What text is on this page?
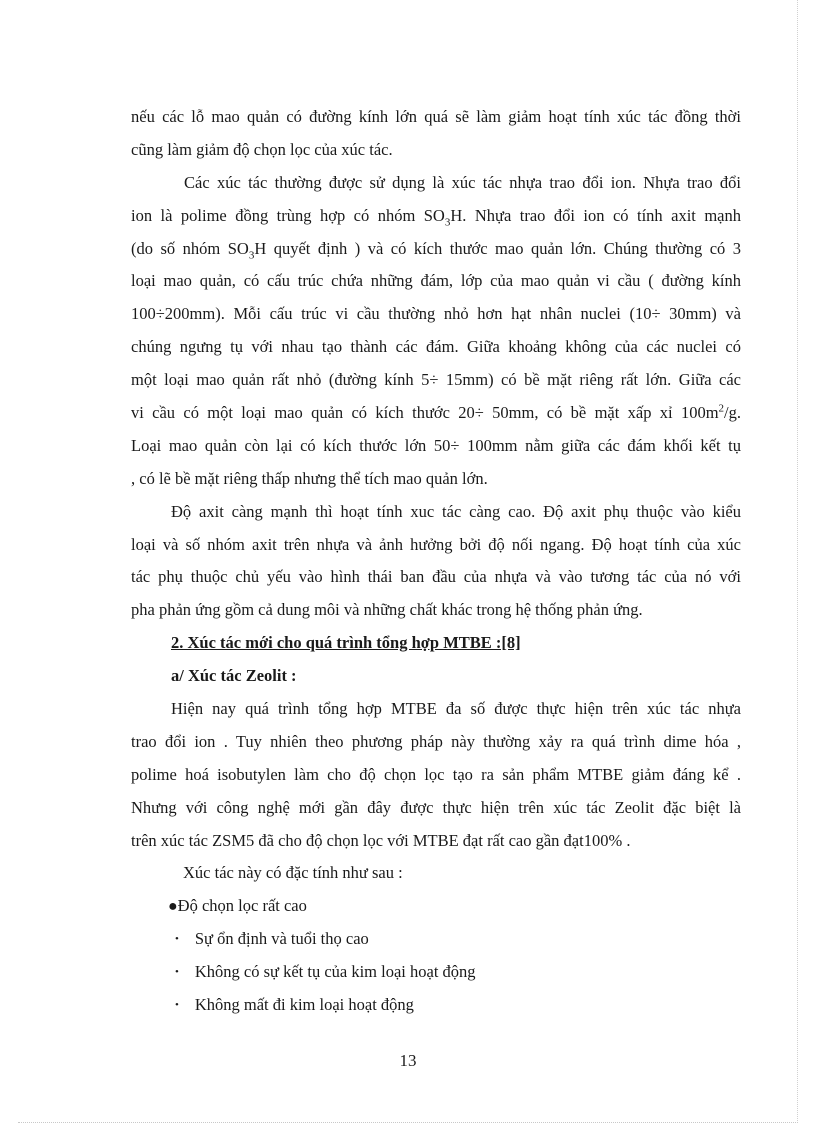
nếu các lỗ mao quản có đường kính lớn quá sẽ làm giảm hoạt tính xúc tác đồng thời
cũng làm giảm độ chọn lọc của xúc tác.
Các xúc tác thường được sử dụng là xúc tác nhựa trao đổi ion. Nhựa trao đổi
ion là polime đồng trùng hợp có nhóm $SO_3H$. Nhựa trao đổi ion có tính axit mạnh
(do số nhóm $SO_3H$ quyết định ) và có kích thước mao quản lớn. Chúng thường có 3
loại mao quản, có cấu trúc chứa những đám, lớp của mao quản vi cầu ( đường kính
100÷200mm). Mỗi cấu trúc vi cầu thường nhỏ hơn hạt nhân nuclei (10÷ 30mm) và
chúng ngưng tụ với nhau tạo thành các đám. Giữa khoảng không của các nuclei có
một loại mao quản rất nhỏ (đường kính 5÷ 15mm) có bề mặt riêng rất lớn. Giữa các
vi cầu có một loại mao quản có kích thước 20÷ 50mm, có bề mặt xấp xỉ $100m^2/g$.
Loại mao quản còn lại có kích thước lớn 50÷ 100mm nằm giữa các đám khối kết tụ
, có lẽ bề mặt riêng thấp nhưng thể tích mao quản lớn.
Độ axit càng mạnh thì hoạt tính xuc tác càng cao. Độ axit phụ thuộc vào kiểu
loại và số nhóm axit trên nhựa và ảnh hưởng bởi độ nối ngang. Độ hoạt tính của xúc
tác phụ thuộc chủ yếu vào hình thái ban đầu của nhựa và vào tương tác của nó với
pha phản ứng gồm cả dung môi và những chất khác trong hệ thống phản ứng.
2. Xúc tác mới cho quá trình tổng hợp MTBE :[8]
a/ Xúc tác Zeolit :
Hiện nay quá trình tổng hợp MTBE đa số được thực hiện trên xúc tác nhựa
trao đổi ion . Tuy nhiên theo phương pháp này thường xảy ra quá trình dime hóa ,
polime hoá isobutylen làm cho độ chọn lọc tạo ra sản phẩm MTBE giảm đáng kể .
Nhưng với công nghệ mới gần đây được thực hiện trên xúc tác Zeolit đặc biệt là
trên xúc tác ZSM5 đã cho độ chọn lọc với MTBE đạt rất cao gần đạt100% .
Xúc tác này có đặc tính như sau :
●Độ chọn lọc rất cao
• Sự ổn định và tuổi thọ cao
• Không có sự kết tụ của kim loại hoạt động
• Không mất đi kim loại hoạt động
13
